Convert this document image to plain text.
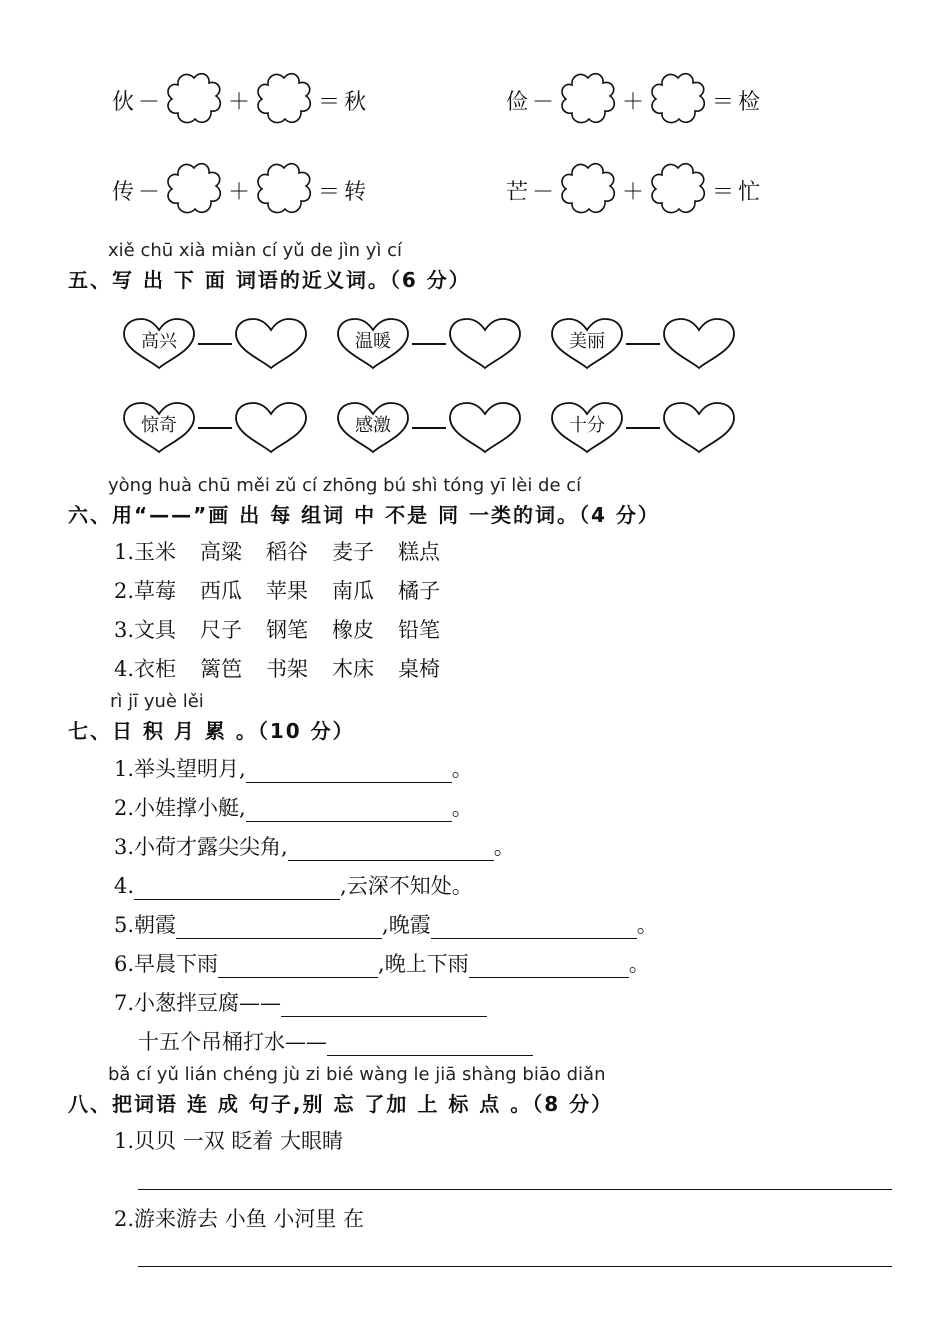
伙 －	＋	＝ 秋	俭 －	＋	＝ 检
传 －	＋	＝ 转	芒 －	＋	＝ 忙
xiě chū xià miàn cí yǔ de jìn yì cí
五、写 出 下 面 词语的近义词。（6 分）
高兴	温暖	美丽
惊奇	感激	十分
yòng huà chū měi zǔ cí zhōng bú shì tóng yī lèi de cí
六、用“——”画 出 每 组词 中 不是 同 一类的词。（4 分）
1.玉米 高粱 稻谷 麦子 糕点
2.草莓 西瓜 苹果 南瓜 橘子
3.文具 尺子 钢笔 橡皮 铅笔
4.衣柜 篱笆 书架 木床 桌椅
rì jī yuè lěi
七、日 积 月 累 。（10 分）
1.举头望明月,	。
2.小娃撑小艇,	。
3.小荷才露尖尖角,	。
4.	,云深不知处。
5.朝霞	,晚霞	。
6.早晨下雨	,晚上下雨	。
7.小葱拌豆腐——
十五个吊桶打水——
bǎ cí yǔ lián chéng jù zi bié wàng le jiā shàng biāo diǎn
八、把词语 连 成 句子,别 忘 了加 上 标 点 。（8 分）
1.贝贝 一双 眨着 大眼睛
2.游来游去 小鱼 小河里 在
